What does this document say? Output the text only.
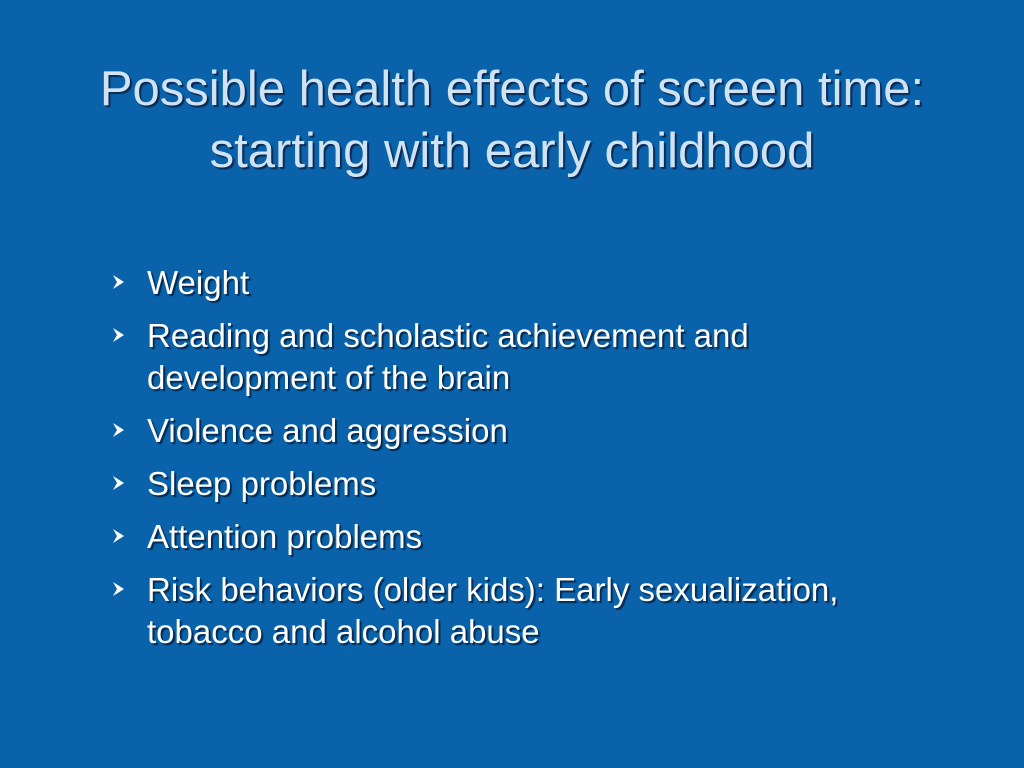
Possible health effects of screen time: starting with early childhood
Weight
Reading and scholastic achievement and development of the brain
Violence and aggression
Sleep problems
Attention problems
Risk behaviors (older kids): Early sexualization, tobacco and alcohol abuse
